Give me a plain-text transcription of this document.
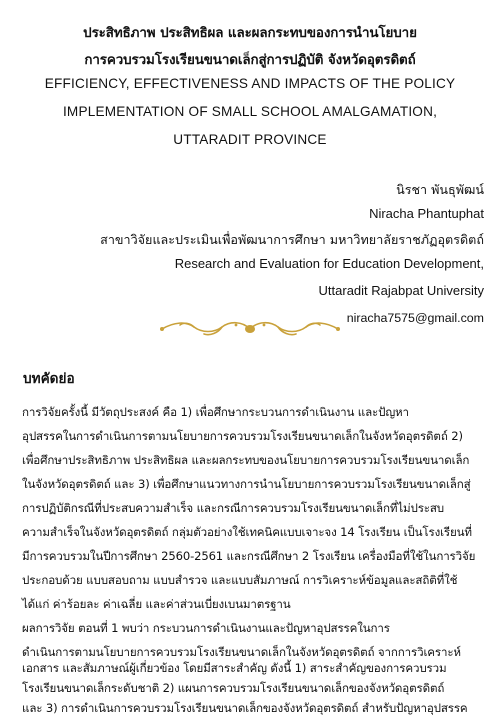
ประสิทธิภาพ ประสิทธิผล และผลกระทบของการนำนโยบาย
การควบรวมโรงเรียนขนาดเล็กสู่การปฏิบัติ จังหวัดอุตรดิตถ์
EFFICIENCY, EFFECTIVENESS AND IMPACTS OF THE POLICY
IMPLEMENTATION OF SMALL SCHOOL AMALGAMATION,
UTTARADIT PROVINCE
นิรชา พันธุพัฒน์
Niracha Phantuphat
สาขาวิจัยและประเมินเพื่อพัฒนาการศึกษา มหาวิทยาลัยราชภัฏอุตรดิตถ์
Research and Evaluation for Education Development,
Uttaradit Rajabpat University
niracha7575@gmail.com
บทคัดย่อ
การวิจัยครั้งนี้ มีวัตถุประสงค์ คือ 1) เพื่อศึกษากระบวนการดำเนินงาน และปัญหา
อุปสรรคในการดำเนินการตามนโยบายการควบรวมโรงเรียนขนาดเล็กในจังหวัดอุตรดิตถ์ 2)
เพื่อศึกษาประสิทธิภาพ ประสิทธิผล และผลกระทบของนโยบายการควบรวมโรงเรียนขนาดเล็ก
ในจังหวัดอุตรดิตถ์ และ 3) เพื่อศึกษาแนวทางการนำนโยบายการควบรวมโรงเรียนขนาดเล็กสู่
การปฏิบัติกรณีที่ประสบความสำเร็จ และกรณีการควบรวมโรงเรียนขนาดเล็กที่ไม่ประสบ
ความสำเร็จในจังหวัดอุตรดิตถ์ กลุ่มตัวอย่างใช้เทคนิคแบบเจาะจง 14 โรงเรียน เป็นโรงเรียนที่
มีการควบรวมในปีการศึกษา 2560-2561 และกรณีศึกษา 2 โรงเรียน เครื่องมือที่ใช้ในการวิจัย
ประกอบด้วย แบบสอบถาม แบบสำรวจ และแบบสัมภาษณ์ การวิเคราะห์ข้อมูลและสถิติที่ใช้
ได้แก่ ค่าร้อยละ ค่าเฉลี่ย และค่าส่วนเบี่ยงเบนมาตรฐาน
ผลการวิจัย ตอนที่ 1 พบว่า กระบวนการดำเนินงานและปัญหาอุปสรรคในการ
ดำเนินการตามนโยบายการควบรวมโรงเรียนขนาดเล็กในจังหวัดอุตรดิตถ์ จากการวิเคราะห์
เอกสาร และสัมภาษณ์ผู้เกี่ยวข้อง โดยมีสาระสำคัญ ดังนี้ 1) สาระสำคัญของการควบรวม
โรงเรียนขนาดเล็กระดับชาติ 2) แผนการควบรวมโรงเรียนขนาดเล็กของจังหวัดอุตรดิตถ์
และ 3) การดำเนินการควบรวมโรงเรียนขนาดเล็กของจังหวัดอุตรดิตถ์ สำหรับปัญหาอุปสรรค
